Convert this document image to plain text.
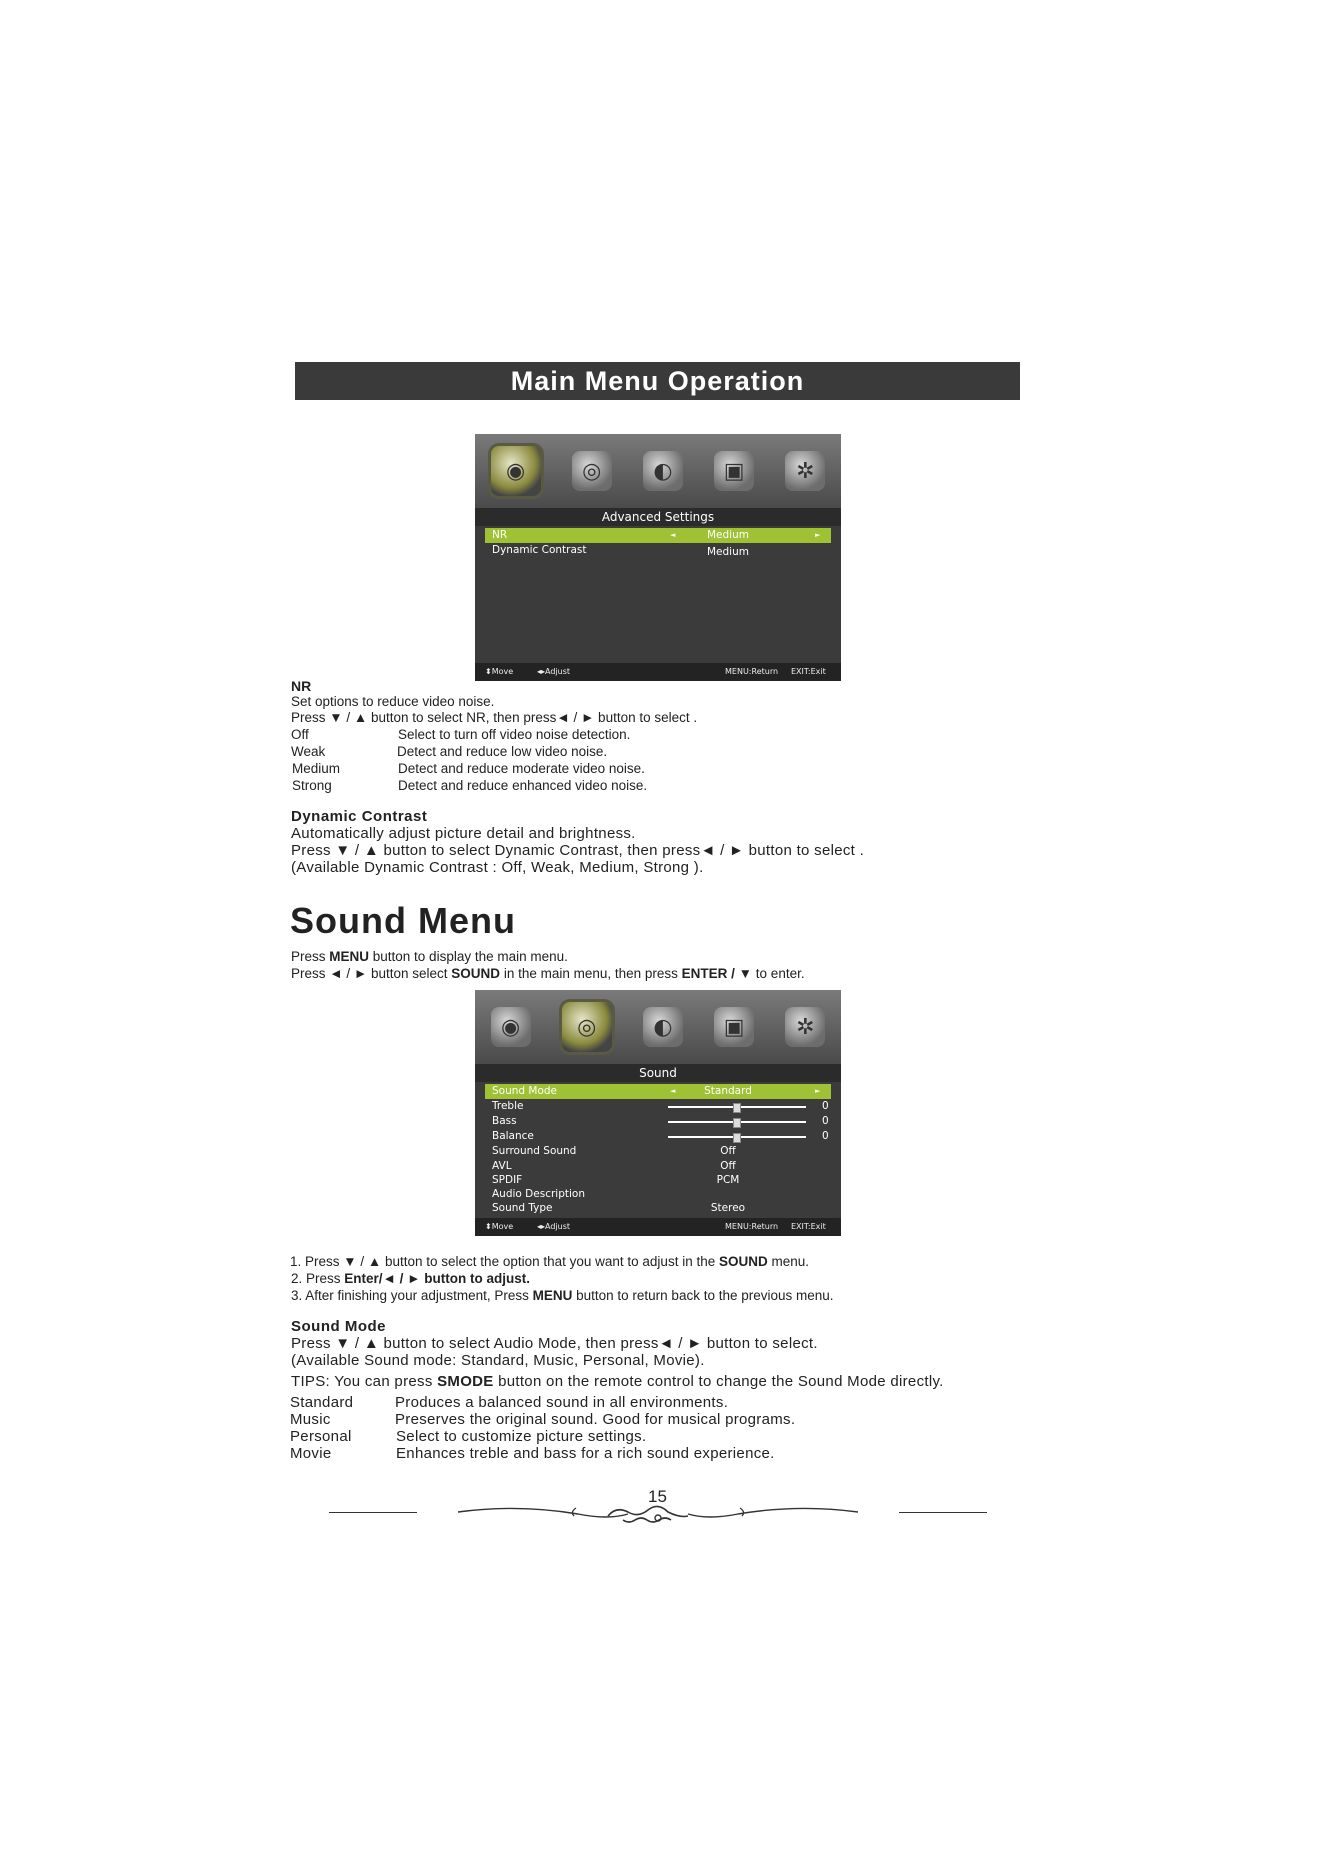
Main Menu Operation
◉	◎	◐	▣	✲
Advanced Settings
NR	◄	Medium	►
Dynamic Contrast	Medium
⬍ Move	◂▸ Adjust	MENU:Return EXIT:Exit
NR
Set options to reduce video noise.
Press ▼ / ▲ button to select NR, then press◄ / ► button to select .
Off	Select to turn off video noise detection.
Weak	Detect and reduce low video noise.
Medium	Detect and reduce moderate video noise.
Strong	Detect and reduce enhanced video noise.
Dynamic Contrast
Automatically adjust picture detail and brightness.
Press ▼ / ▲ button to select Dynamic Contrast, then press◄ / ► button to select .
(Available Dynamic Contrast : Off, Weak, Medium, Strong ).
Sound Menu
Press MENU button to display the main menu.
Press ◄ / ► button select SOUND in the main menu, then press ENTER / ▼ to enter.
◉	◎	◐	▣	✲
Sound
Sound Mode	◄	Standard	►
Treble	0
Bass	0
Balance	0
Surround Sound	Off
AVL	Off
SPDIF	PCM
Audio Description
Sound Type	Stereo
⬍ Move	◂▸ Adjust	MENU:Return EXIT:Exit
1. Press ▼ / ▲ button to select the option that you want to adjust in the SOUND menu.
2. Press Enter/◄ / ► button to adjust.
3. After finishing your adjustment, Press MENU button to return back to the previous menu.
Sound Mode
Press ▼ / ▲ button to select Audio Mode, then press◄ / ► button to select.
(Available Sound mode: Standard, Music, Personal, Movie).
TIPS: You can press SMODE button on the remote control to change the Sound Mode directly.
Standard	Produces a balanced sound in all environments.
Music	Preserves the original sound. Good for musical programs.
Personal	Select to customize picture settings.
Movie	Enhances treble and bass for a rich sound experience.
15
